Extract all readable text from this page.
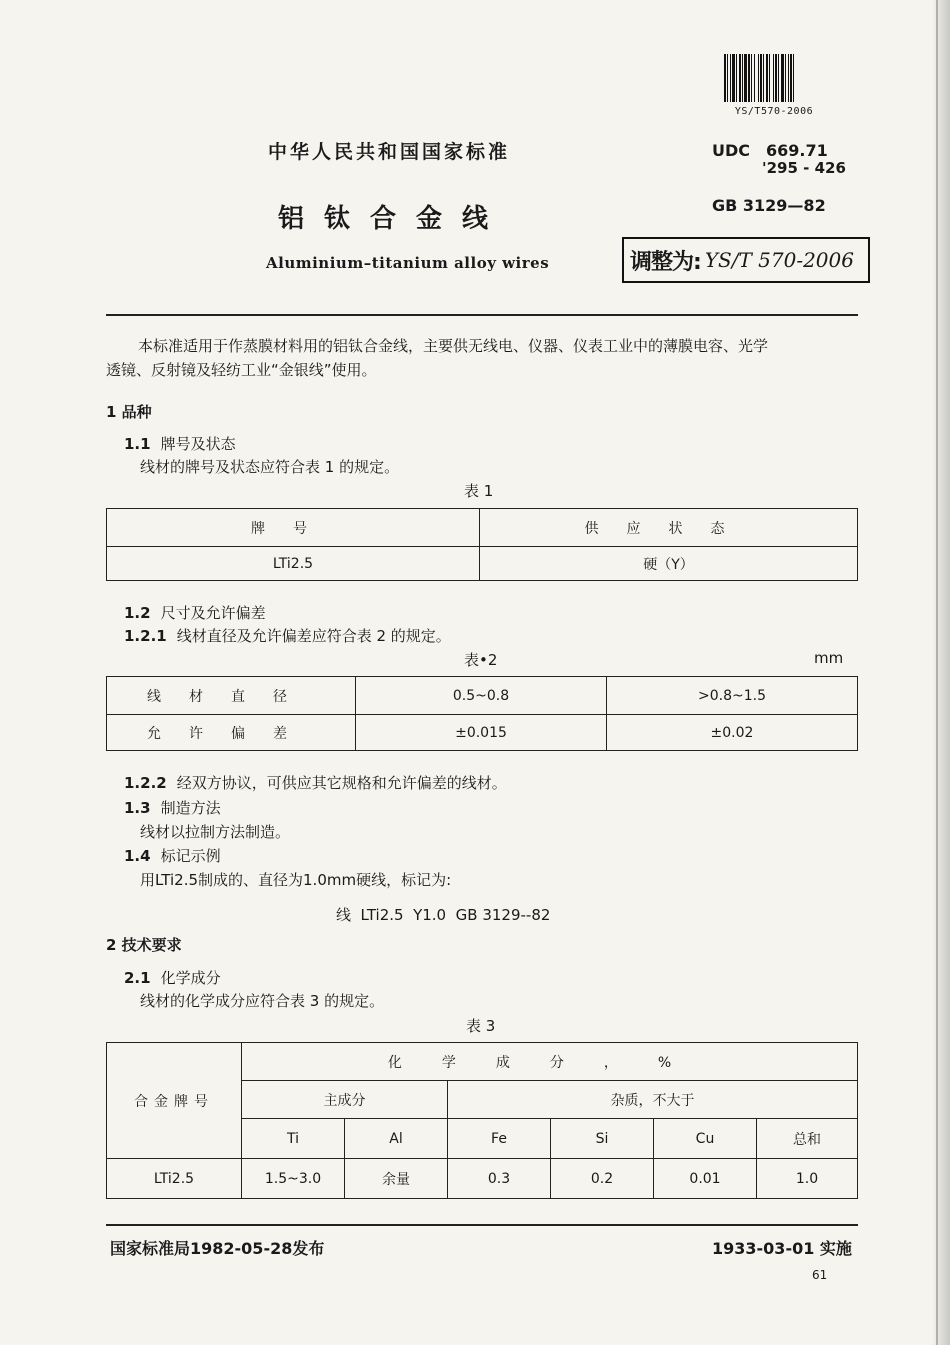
YS/T570-2006
中华人民共和国国家标准	UDC 669.71
'295 - 426
GB 3129—82
铝钛合金线
Aluminium–titanium alloy wires	调整为: YS/T 570-2006
本标准适用于作蒸膜材料用的铝钛合金线，主要供无线电、仪器、仪表工业中的薄膜电容、光学
透镜、反射镜及轻纺工业“金银线”使用。
1 品种
1.1 牌号及状态
线材的牌号及状态应符合表 1 的规定。
表 1
牌号	供应状态
LTi2.5	硬（Y）
1.2 尺寸及允许偏差
1.2.1 线材直径及允许偏差应符合表 2 的规定。
表•2	mm
线材直径	0.5~0.8	>0.8~1.5
允许偏差	±0.015	±0.02
1.2.2 经双方协议，可供应其它规格和允许偏差的线材。
1.3 制造方法
线材以拉制方法制造。
1.4 标记示例
用LTi2.5制成的、直径为1.0mm硬线，标记为:
线  LTi2.5  Y1.0  GB 3129--82
2 技术要求
2.1 化学成分
线材的化学成分应符合表 3 的规定。
表 3
合金牌号	化学成分，%					
	主成分		杂质，不大于			
	Ti	Al	Fe	Si	Cu	总和
LTi2.5	1.5~3.0	余量	0.3	0.2	0.01	1.0
国家标准局1982-05-28发布	1933-03-01 实施
61
